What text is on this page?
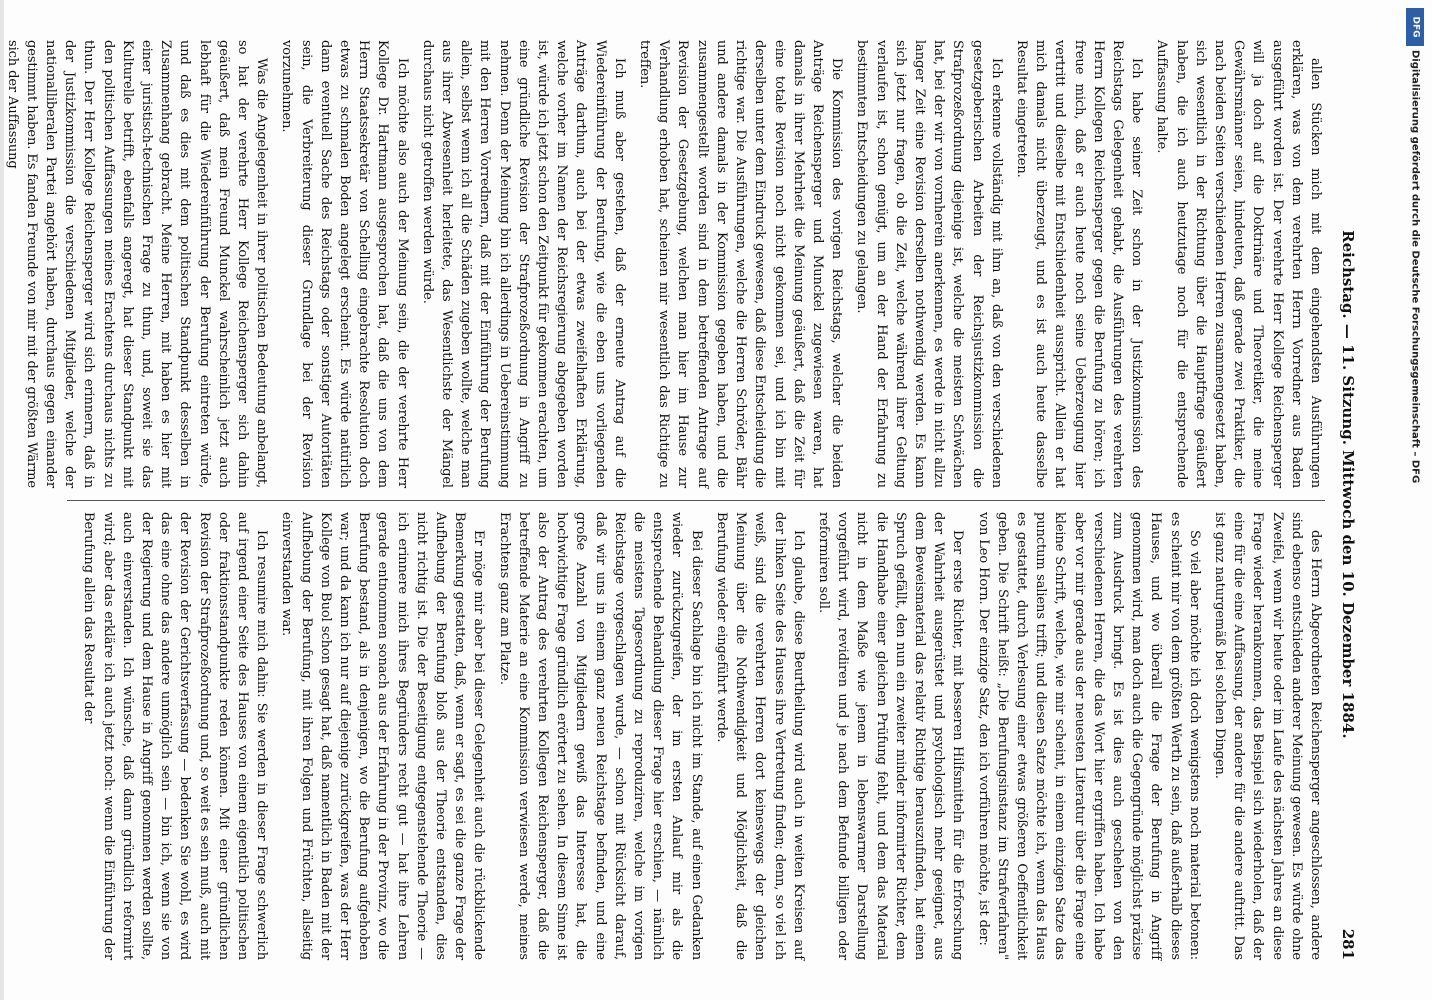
Reichstag. — 11. Sitzung. Mittwoch den 10. Dezember 1884.
281

allen Stücken mich mit dem eingehendsten Ausführungen erklären, was von dem verehrten Herrn Vorredner aus Baden ausgeführt worden ist. Der verehrte Herr Kollege Reichensperger will ja doch auf die Doktrinäre und Theoretiker, die meine Gewährsmänner seien, hindeuten, daß gerade zwei Praktiker, die nach beiden Seiten verschiedenen Herren zusammengesetzt haben, sich wesentlich in der Richtung über die Hauptfrage geäußert haben, die ich auch heutzutage noch für die entsprechende Auffassung halte.

Ich habe seiner Zeit schon in der Justizkommission des Reichstags Gelegenheit gehabt, die Ausführungen des verehrten Herrn Kollegen Reichensperger gegen die Berufung zu hören; ich freue mich, daß er auch heute noch seine Ueberzeugung hier vertritt und dieselbe mit Entschiedenheit ausspricht. Allein er hat mich damals nicht überzeugt, und es ist auch heute dasselbe Resultat eingetreten.

Ich erkenne vollständig mit ihm an, daß von den verschiedenen gesetzgeberischen Arbeiten der Reichsjustizkommission die Strafprozeßordnung diejenige ist, welche die meisten Schwächen hat, bei der wir von vornherein anerkennen, es werde in nicht allzu langer Zeit eine Revision derselben nothwendig werden. Es kann sich jetzt nur fragen, ob die Zeit, welche während ihrer Geltung verlaufen ist, schon genügt, um an der Hand der Erfahrung zu bestimmten Entscheidungen zu gelangen.

Die Kommission des vorigen Reichstags, welcher die beiden Anträge Reichensperger und Munckel zugewiesen waren, hat damals in ihrer Mehrheit die Meinung geäußert, daß die Zeit für eine totale Revision noch nicht gekommen sei, und ich bin mit derselben unter dem Eindruck gewesen, daß diese Entscheidung die richtige war. Die Ausführungen, welche die Herren Schröder, Bähr und andere damals in der Kommission gegeben haben, und die zusammengestellt worden sind in dem betreffenden Antrage auf Revision der Gesetzgebung, welchen man hier im Hause zur Verhandlung erhoben hat, scheinen mir wesentlich das Richtige zu treffen.

Ich muß aber gestehen, daß der erneute Antrag auf die Wiedereinführung der Berufung, wie die eben uns vorliegenden Anträge darthun, auch bei der etwas zweifelhaften Erklärung, welche vorher im Namen der Reichsregierung abgegeben worden ist, würde ich jetzt schon den Zeitpunkt für gekommen erachten, um eine gründliche Revision der Strafprozeßordnung in Angriff zu nehmen. Denn der Meinung bin ich allerdings in Uebereinstimmung mit den Herren Vorrednern, daß mit der Einführung der Berufung allein, selbst wenn ich all die Schäden zugeben wollte, welche man aus ihrer Abwesenheit herleitete, das Wesentlichste der Mängel durchaus nicht getroffen werden würde.

Ich möchte also auch der Meinung sein, die der verehrte Herr Kollege Dr. Hartmann ausgesprochen hat, daß die uns von dem Herrn Staatssekretär von Schelling eingebrachte Resolution doch etwas zu schmalen Boden angelegt erscheint. Es würde natürlich dann eventuell Sache des Reichstags oder sonstiger Autoritäten sein, die Verbreiterung dieser Grundlage bei der Revision vorzunehmen.

Was die Angelegenheit in ihrer politischen Bedeutung anbelangt, so hat der verehrte Herr Kollege Reichensperger sich dahin geäußert, daß mein Freund Munckel wahrscheinlich jetzt auch lebhaft für die Wiedereinführung der Berufung eintreten würde, und daß es dies mit dem politischen Standpunkt desselben in Zusammenhang gebracht. Meine Herren, mit haben es hier mit einer juristisch-technischen Frage zu thun, und, soweit sie das Kulturelle betrifft, ebenfalls angeregt, hat dieser Standpunkt mit den politischen Auffassungen meines Erachtens durchaus nichts zu thun. Der Herr Kollege Reichensperger wird sich erinnern, daß in der Justizkommission die verschiedenen Mitglieder, welche der nationalliberalen Partei angehört haben, durchaus gegen einander gestimmt haben. Es fanden Freunde von mir mit der größten Wärme sich der Auffassung

des Herrn Abgeordneten Reichensperger angeschlossen, andere sind ebenso entschieden anderer Meinung gewesen. Es würde ohne Zweifel, wenn wir heute oder im Laufe des nächsten Jahres an diese Frage wieder herankommen, das Beispiel sich wiederholen, daß der eine für die eine Auffassung, der andere für die andere auftritt. Das ist ganz naturgemäß bei solchen Dingen.

So viel aber möchte ich doch wenigstens noch material betonen: es scheint mir von dem größten Werth zu sein, daß außerhalb dieses Hauses, und wo überall die Frage der Berufung in Angriff genommen wird, man doch auch die Gegengründe möglichst präzise zum Ausdruck bringt. Es ist dies auch geschehen von den verschiedenen Herren, die das Wort hier ergriffen haben. Ich habe aber vor mir gerade aus der neuesten Literatur über die Frage eine kleine Schrift, welche, wie mir scheint, in einem einzigen Satze das punctum saliens trifft; und diesen Satze möchte ich, wenn das Haus es gestattet, durch Verlesung einer etwas größeren Oeffentlichkeit geben. Die Schrift heißt: „Die Berufungsinstanz im Strafverfahren" von Leo Horn. Der einzige Satz, den ich vorführen möchte, ist der:

Der erste Richter, mit besseren Hilfsmitteln für die Erforschung der Wahrheit ausgerüstet und psychologisch mehr geeignet, aus dem Beweismaterial das relativ Richtige herauszufinden, hat einen Spruch gefällt, den nun ein zweiter minder informirter Richter, dem die Handhabe einer gleichen Prüfung fehlt, und dem das Material nicht in dem Maße wie jenem in lebenswarmer Darstellung vorgeführt wird, revidiren und je nach dem Befunde billigen oder reformiren soll.

Ich glaube, diese Beurtheilung wird auch in weiten Kreisen auf der linken Seite des Hauses ihre Vertretung finden; denn, so viel ich weiß, sind die verehrten Herren dort keineswegs der gleichen Meinung über die Nothwendigkeit und Möglichkeit, daß die Berufung wieder eingeführt werde.

Bei dieser Sachlage bin ich nicht im Stande, auf einen Gedanken wieder zurückzugreifen, der im ersten Anlauf mir als die entsprechende Behandlung dieser Frage hier erschien, — nämlich die meistens Tagesordnung zu reproduziren, welche im vorigen Reichstage vorgeschlagen wurde, — schon mit Rücksicht darauf, daß wir uns in einem ganz neuen Reichstage befinden, und eine große Anzahl von Mitgliedern gewiß das Interesse hat, die hochwichtige Frage gründlich erörtert zu sehen. In diesem Sinne ist also der Antrag des verehrten Kollegen Reichensperger, daß die betreffende Materie an eine Kommission verwiesen werde, meines Erachtens ganz am Platze.

Er möge mir aber bei dieser Gelegenheit auch die rückblickende Bemerkung gestatten, daß, wenn er sagt, es sei die ganze Frage der Aufhebung der Berufung bloß aus der Theorie entstanden, dies nicht richtig ist. Die der Beseitigung entgegenstehende Theorie — ich erinnere mich ihres Begründers recht gut — hat ihre Lehren gerade entnommen sonach aus der Erfahrung in der Provinz, wo die Berufung bestand, als in denjenigen, wo die Berufung aufgehoben war; und da kann ich nur auf diejenige zurückgreifen, was der Herr Kollege von Buol schon gesagt hat, daß namentlich in Baden mit der Aufhebung der Berufung, mit ihren Folgen und Früchten, allseitig einverstanden war.

Ich resumire mich dahin: Sie werden in dieser Frage schwerlich auf irgend einer Seite des Hauses von einem eigentlich politischen oder fraktionsstandpunkte reden können. Mit einer gründlichen Revision der Strafprozeßordnung und, so weit es sein muß, auch mit der Revision der Gerichtsverfassung — bedenken Sie wohl, es wird das eine ohne das andere unmöglich sein — bin ich, wenn sie von der Regierung und dem Hause in Angriff genommen werden sollte, auch einverstanden. Ich wünsche, daß dann gründlich reformirt wird; aber das erkläre ich auch jetzt noch: wenn die Einführung der Berufung allein das Resultat der

DFG
Digitalisierung gefördert durch die Deutsche Forschungsgemeinschaft – DFG
